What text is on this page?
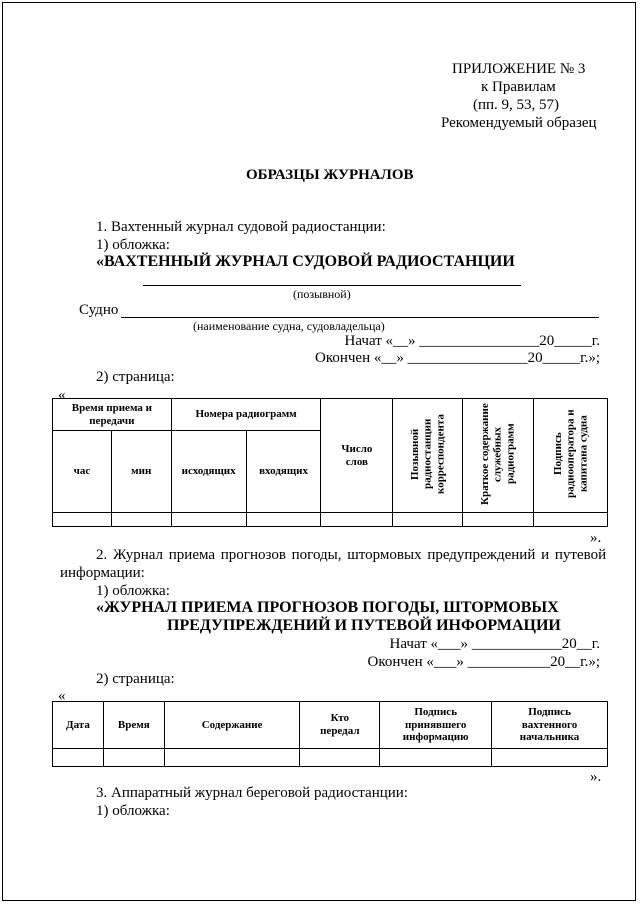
ПРИЛОЖЕНИЕ № 3
к Правилам
(пп. 9, 53, 57)
Рекомендуемый образец
ОБРАЗЦЫ ЖУРНАЛОВ
1. Вахтенный журнал судовой радиостанции:
1) обложка:
«ВАХТЕННЫЙ ЖУРНАЛ СУДОВОЙ РАДИОСТАНЦИИ
(позывной)
Судно
(наименование судна, судовладельца)
Начат «__» ________________20_____г.
Окончен «__» ________________20_____г.»;
2) страница:
«
Время приема и передачи		Номера радиограмм		Число слов	Позывной радиостанции корреспондента	Краткое содержание служебных радиограмм	Подпись радиооператора и капитана судна
час	мин	исходящих	входящих				

».
2. Журнал приема прогнозов погоды, штормовых предупреждений и путевой
информации:
1) обложка:
«ЖУРНАЛ ПРИЕМА ПРОГНОЗОВ ПОГОДЫ, ШТОРМОВЫХ
ПРЕДУПРЕЖДЕНИЙ И ПУТЕВОЙ ИНФОРМАЦИИ
Начат «___» ____________20__г.
Окончен «___» ___________20__г.»;
2) страница:
«
Дата	Время	Содержание	Кто передал	Подпись принявшего информацию	Подпись вахтенного начальника

».
3. Аппаратный журнал береговой радиостанции:
1) обложка:
